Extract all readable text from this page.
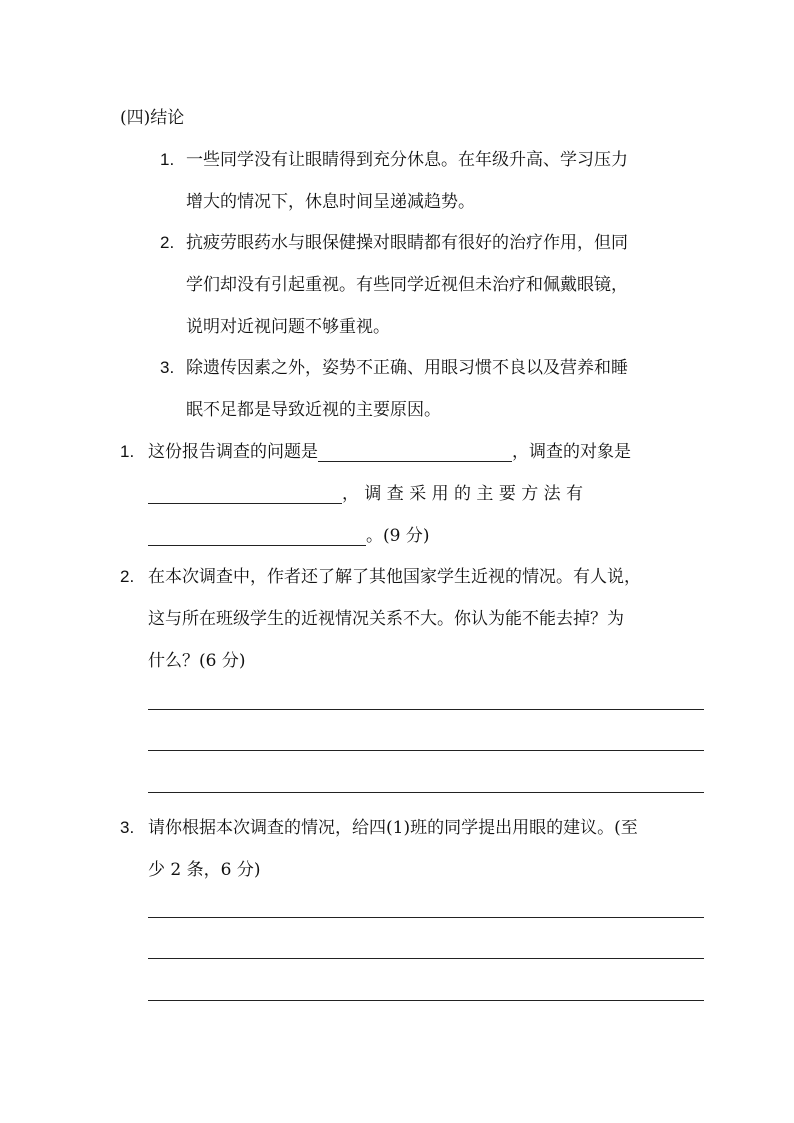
(四)结论
1. 一些同学没有让眼睛得到充分休息。在年级升高、学习压力
增大的情况下，休息时间呈递减趋势。
2. 抗疲劳眼药水与眼保健操对眼睛都有很好的治疗作用，但同
学们却没有引起重视。有些同学近视但未治疗和佩戴眼镜，
说明对近视问题不够重视。
3. 除遗传因素之外，姿势不正确、用眼习惯不良以及营养和睡
眠不足都是导致近视的主要原因。
1. 这份报告调查的问题是	，调查的对象是
， 调 查 采 用 的 主 要 方 法 有
。(9 分)
2. 在本次调查中，作者还了解了其他国家学生近视的情况。有人说，
这与所在班级学生的近视情况关系不大。你认为能不能去掉？为
什么？(6 分)
3. 请你根据本次调查的情况，给四(1)班的同学提出用眼的建议。(至
少 2 条，6 分)
